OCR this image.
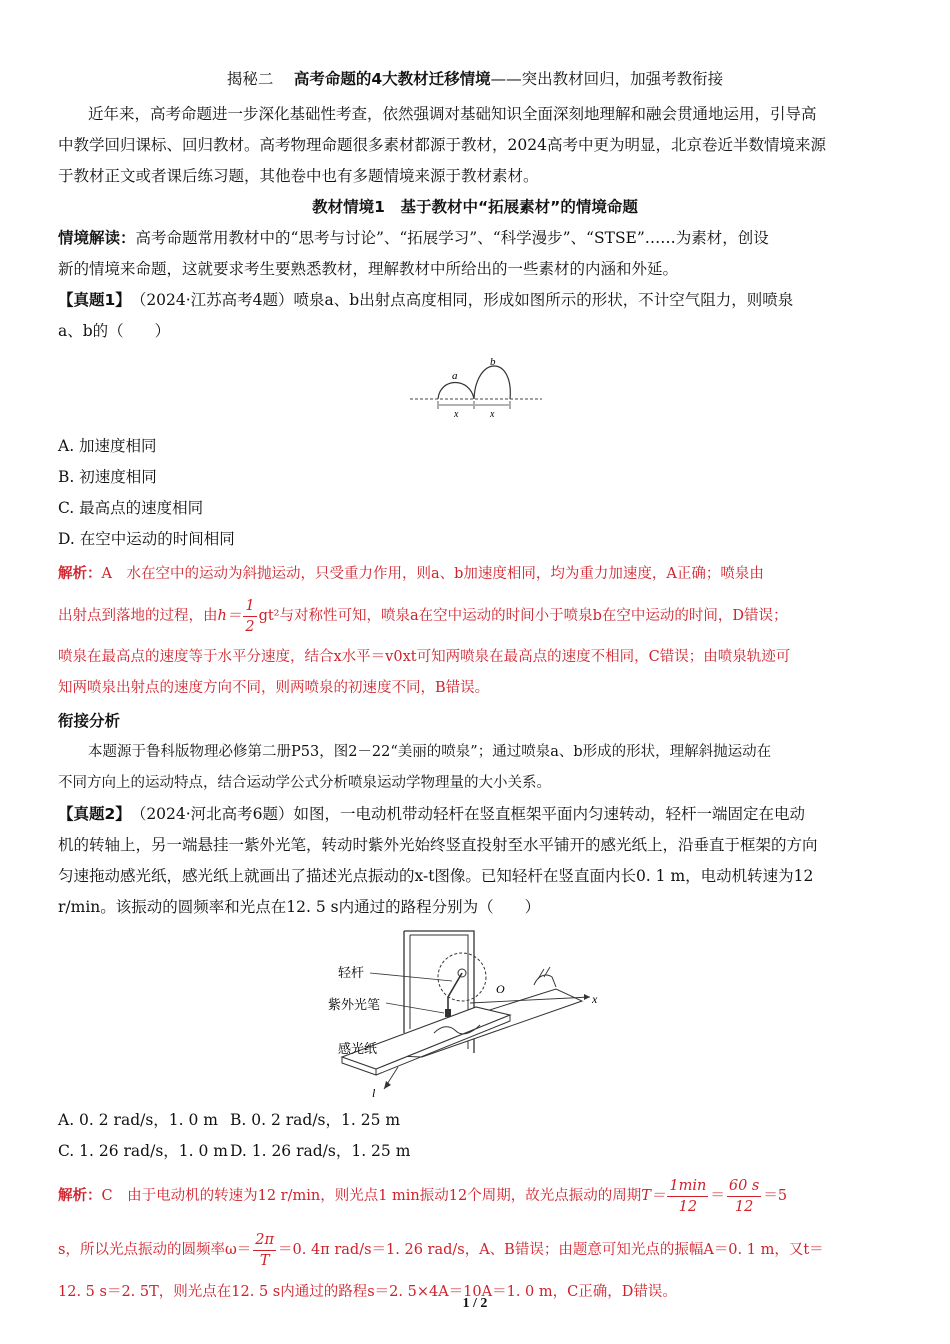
揭秘二　 高考命题的4大教材迁移情境——突出教材回归，加强考教衔接
近年来，高考命题进一步深化基础性考查，依然强调对基础知识全面深刻地理解和融会贯通地运用，引导高
中教学回归课标、回归教材。高考物理命题很多素材都源于教材，2024高考中更为明显，北京卷近半数情境来源
于教材正文或者课后练习题，其他卷中也有多题情境来源于教材素材。
教材情境1　基于教材中“拓展素材”的情境命题
情境解读：高考命题常用教材中的“思考与讨论”、“拓展学习”、“科学漫步”、“STSE”……为素材，创设
新的情境来命题，这就要求考生要熟悉教材，理解教材中所给出的一些素材的内涵和外延。
【真题1】　 （2024·江苏高考4题）喷泉a、b出射点高度相同，形成如图所示的形状，不计空气阻力，则喷泉
a、b的（　　）
a
b
x	x
A. 加速度相同
B. 初速度相同
C. 最高点的速度相同
D. 在空中运动的时间相同
解析：A　水在空中的运动为斜抛运动，只受重力作用，则a、b加速度相同，均为重力加速度，A正确；喷泉由
出射点到落地的过程，由$h= \frac{1}{2} gt^2$与对称性可知，喷泉a在空中运动的时间小于喷泉b在空中运动的时间，D错误；
喷泉在最高点的速度等于水平分速度，结合x水平＝v0xt可知两喷泉在最高点的速度不相同，C错误；由喷泉轨迹可
知两喷泉出射点的速度方向不同，则两喷泉的初速度不同，B错误。
衔接分析
本题源于鲁科版物理必修第二册P53，图2－22“美丽的喷泉”；通过喷泉a、b形成的形状，理解斜抛运动在
不同方向上的运动特点，结合运动学公式分析喷泉运动学物理量的大小关系。
【真题2】　 （2024·河北高考6题）如图，一电动机带动轻杆在竖直框架平面内匀速转动，轻杆一端固定在电动
机的转轴上，另一端悬挂一紫外光笔，转动时紫外光始终竖直投射至水平铺开的感光纸上，沿垂直于框架的方向
匀速拖动感光纸，感光纸上就画出了描述光点振动的x-t图像。已知轻杆在竖直面内长0. 1 m，电动机转速为12
r/min。该振动的圆频率和光点在12. 5 s内通过的路程分别为（　　）
轻杆
紫外光笔
感光纸
O
x
l
A. 0. 2 rad/s，1. 0 m B. 0. 2 rad/s，1. 25 m
C. 1. 26 rad/s，1. 0 m D. 1. 26 rad/s，1. 25 m
解析：C　由于电动机的转速为12 r/min，则光点1 min振动12个周期，故光点振动的周期$T= \frac{1\min}{12} = \frac{60 s}{12} =5$
s，所以光点振动的圆频率$\omega= \frac{2\pi}{T} =0$. 4π rad/s＝1. 26 rad/s，A、B错误；由题意可知光点的振幅A＝0. 1 m，又t＝
12. 5 s＝2. 5T，则光点在12. 5 s内通过的路程s＝2. 5×4A＝10A＝1. 0 m，C正确，D错误。
1 / 2
